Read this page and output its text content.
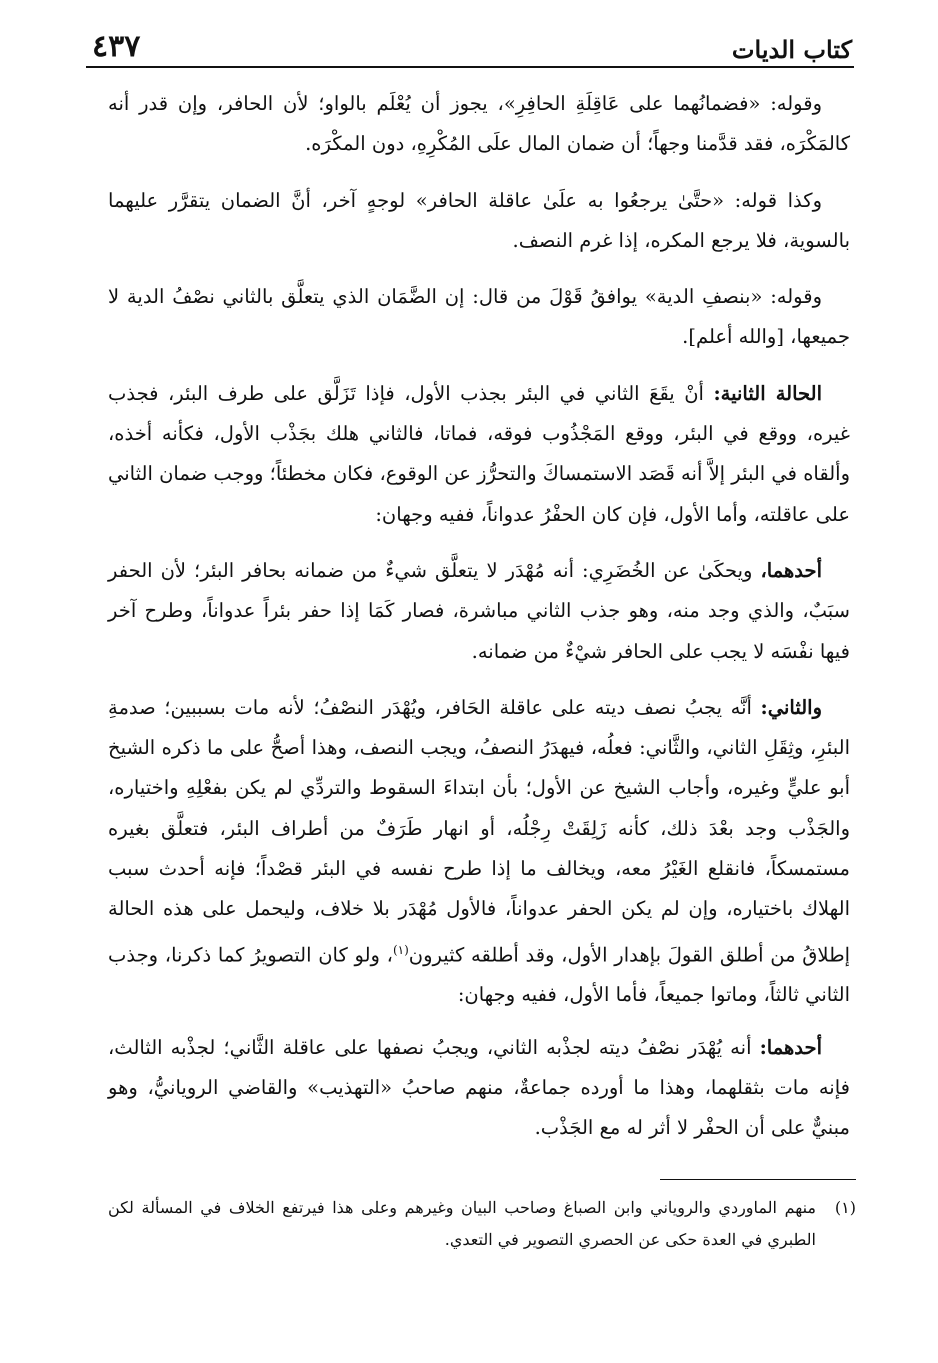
كتاب الديات
٤٣٧

وقوله: «فضمانُهما على عَاقِلَةِ الحافِرِ»، يجوز أن يُعْلَم بالواو؛ لأن الحافر، وإن قدر أنه كالمَكْرَه، فقد قدَّمنا وجهاً؛ أن ضمان المال علَى المُكْرِهِ، دون المكْرَه.

وكذا قوله: «حتَّىٰ يرجعُوا به علَىٰ عاقلة الحافر» لوجهٍ آخر، أنَّ الضمان يتقرَّر عليهما بالسوية، فلا يرجع المكره، إذا غرم النصف.

وقوله: «بنصفِ الدية» يوافقُ قَوْلَ من قال: إن الضَّمَان الذي يتعلَّق بالثاني نصْفُ الدية لا جميعها، [والله أعلم].

الحالة الثانية: أنْ يقَعَ الثاني في البئر بجذب الأول، فإذا تَزَلَّق على طرف البئر، فجذب غيره، ووقع في البئر، ووقع المَجْذُوب فوقه، فماتا، فالثاني هلك بجَذْب الأول، فكأنه أخذه، وألقاه في البئر إلاَّ أنه قَصَد الاستمساكَ والتحرُّز عن الوقوع، فكان مخطئاً؛ ووجب ضمان الثاني على عاقلته، وأما الأول، فإن كان الحفْرُ عدواناً، ففيه وجهان:

أحدهما، ويحكَىٰ عن الخُضَرِي: أنه مُهْدَر لا يتعلَّق شيءٌ من ضمانه بحافر البئر؛ لأن الحفر سبَبٌ، والذي وجد منه، وهو جذب الثاني مباشرة، فصار كَمَا إذا حفر بئراً عدواناً، وطرح آخر فيها نفْسَه لا يجب على الحافر شيْءٌ من ضمانه.

والثاني: أنَّه يجبُ نصف ديته على عاقلة الحَافر، ويُهْدَر النصْفُ؛ لأنه مات بسببين؛ صدمةِ البئرِ، وثِقَلِ الثاني، والثَّاني: فعلُه، فيهدَرُ النصفُ، ويجب النصف، وهذا أصحُّ على ما ذكره الشيخ أبو عليٍّ وغيره، وأجاب الشيخ عن الأول؛ بأن ابتداءَ السقوط والتردِّي لم يكن بفعْلِهِ واختياره، والجَذْب وجد بعْدَ ذلك، كأنه زَلِقَتْ رِجْلُه، أو انهار طَرَفٌ من أطراف البئر، فتعلَّق بغيره مستمسكاً، فانقلع الغَيْرُ معه، ويخالف ما إذا طرح نفسه في البئر قصْداً؛ فإنه أحدث سبب الهلاك باختياره، وإن لم يكن الحفر عدواناً، فالأول مُهْدَر بلا خلاف، وليحمل على هذه الحالة إطلاقُ من أطلق القولَ بإهدار الأول، وقد أطلقه كثيرون$^{(١)}$، ولو كان التصويرُ كما ذكرنا، وجذب الثاني ثالثاً، وماتوا جميعاً، فأما الأول، ففيه وجهان:

أحدهما: أنه يُهْدَر نصْفُ ديته لجذْبه الثاني، ويجبُ نصفها على عاقلة الثَّاني؛ لجذْبه الثالث، فإنه مات بثقلهما، وهذا ما أورده جماعةٌ، منهم صاحبُ «التهذيب» والقاضي الرويانيُّ، وهو مبنيٌّ على أن الحفْر لا أثر له مع الجَذْب.

(١)
منهم الماوردي والروياني وابن الصباغ وصاحب البيان وغيرهم وعلى هذا فيرتفع الخلاف في المسألة لكن الطبري في العدة حكى عن الحصري التصوير في التعدي.
